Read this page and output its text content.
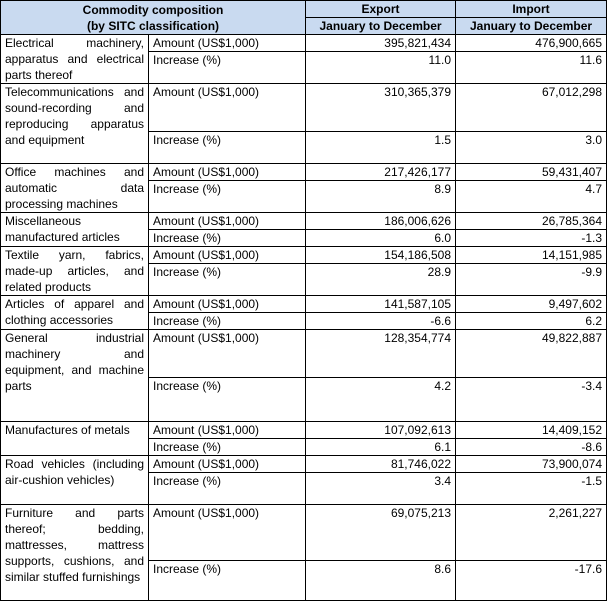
Commodity composition
(by SITC classification)		Export	Import
		January to December	January to December
Electrical machinery, apparatus and electrical parts thereof	Amount (US$1,000)	395,821,434	476,900,665
	Increase (%)	11.0	11.6
Telecommunications and sound-recording and reproducing apparatus and equipment	Amount (US$1,000)	310,365,379	67,012,298
	Increase (%)	1.5	3.0
Office machines and automatic data processing machines	Amount (US$1,000)	217,426,177	59,431,407
	Increase (%)	8.9	4.7
Miscellaneous manufactured articles	Amount (US$1,000)	186,006,626	26,785,364
	Increase (%)	6.0	-1.3
Textile yarn, fabrics, made-up articles, and related products	Amount (US$1,000)	154,186,508	14,151,985
	Increase (%)	28.9	-9.9
Articles of apparel and clothing accessories	Amount (US$1,000)	141,587,105	9,497,602
	Increase (%)	-6.6	6.2
General industrial machinery and equipment, and machine parts	Amount (US$1,000)	128,354,774	49,822,887
	Increase (%)	4.2	-3.4
Manufactures of metals	Amount (US$1,000)	107,092,613	14,409,152
	Increase (%)	6.1	-8.6
Road vehicles (including air-cushion vehicles)	Amount (US$1,000)	81,746,022	73,900,074
	Increase (%)	3.4	-1.5
Furniture and parts thereof; bedding, mattresses, mattress supports, cushions, and similar stuffed furnishings	Amount (US$1,000)	69,075,213	2,261,227
	Increase (%)	8.6	-17.6
